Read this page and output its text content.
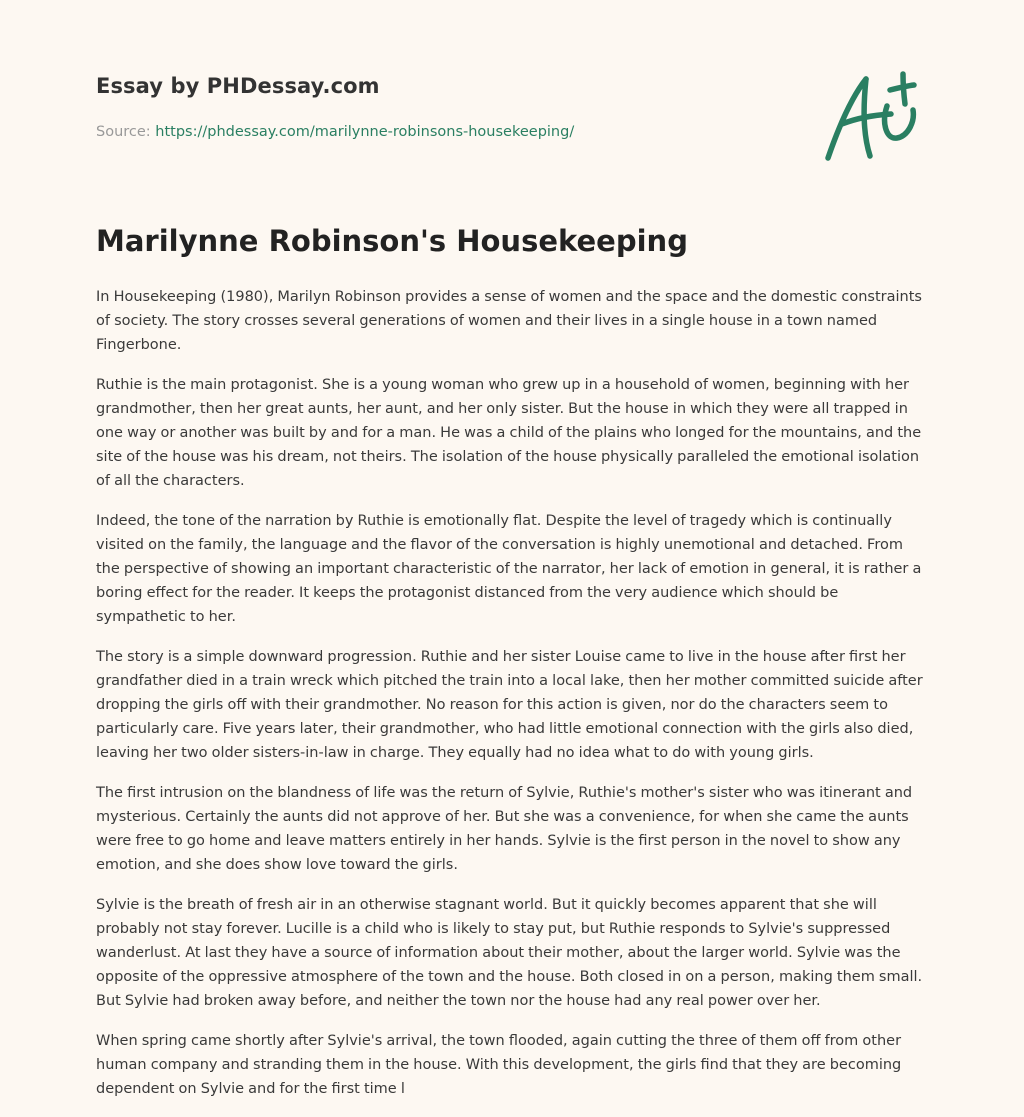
Essay by PHDessay.com
Source: https://phdessay.com/marilynne-robinsons-housekeeping/
Marilynne Robinson's Housekeeping

In Housekeeping (1980), Marilyn Robinson provides a sense of women and the space and the domestic constraints of society. The story crosses several generations of women and their lives in a single house in a town named Fingerbone.

Ruthie is the main protagonist. She is a young woman who grew up in a household of women, beginning with her grandmother, then her great aunts, her aunt, and her only sister. But the house in which they were all trapped in one way or another was built by and for a man. He was a child of the plains who longed for the mountains, and the site of the house was his dream, not theirs. The isolation of the house physically paralleled the emotional isolation of all the characters.

Indeed, the tone of the narration by Ruthie is emotionally flat. Despite the level of tragedy which is continually visited on the family, the language and the flavor of the conversation is highly unemotional and detached. From the perspective of showing an important characteristic of the narrator, her lack of emotion in general, it is rather a boring effect for the reader. It keeps the protagonist distanced from the very audience which should be sympathetic to her.

The story is a simple downward progression. Ruthie and her sister Louise came to live in the house after first her grandfather died in a train wreck which pitched the train into a local lake, then her mother committed suicide after dropping the girls off with their grandmother. No reason for this action is given, nor do the characters seem to particularly care. Five years later, their grandmother, who had little emotional connection with the girls also died, leaving her two older sisters-in-law in charge. They equally had no idea what to do with young girls.

The first intrusion on the blandness of life was the return of Sylvie, Ruthie's mother's sister who was itinerant and mysterious. Certainly the aunts did not approve of her. But she was a convenience, for when she came the aunts were free to go home and leave matters entirely in her hands. Sylvie is the first person in the novel to show any emotion, and she does show love toward the girls.

Sylvie is the breath of fresh air in an otherwise stagnant world. But it quickly becomes apparent that she will probably not stay forever. Lucille is a child who is likely to stay put, but Ruthie responds to Sylvie's suppressed wanderlust. At last they have a source of information about their mother, about the larger world. Sylvie was the opposite of the oppressive atmosphere of the town and the house. Both closed in on a person, making them small. But Sylvie had broken away before, and neither the town nor the house had any real power over her.

When spring came shortly after Sylvie's arrival, the town flooded, again cutting the three of them off from other human company and stranding them in the house. With this development, the girls find that they are becoming dependent on Sylvie and for the first time l
